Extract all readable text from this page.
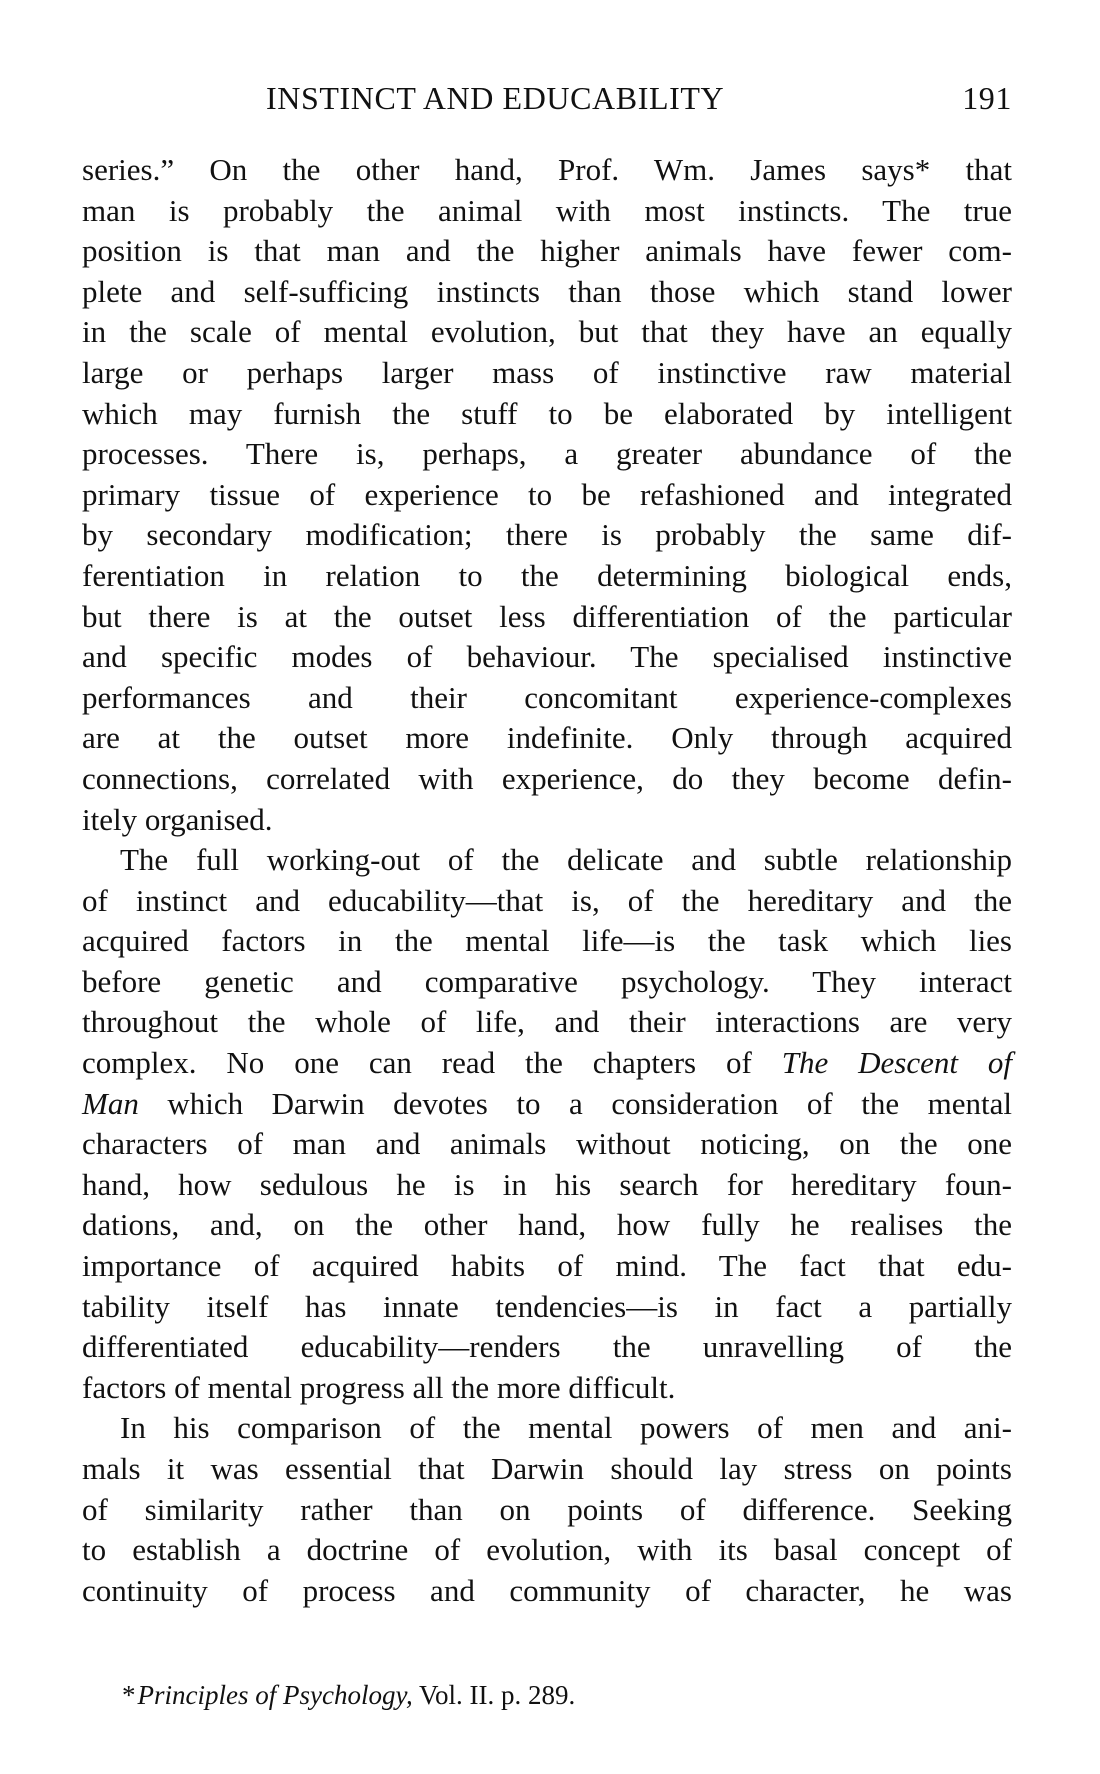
INSTINCT AND EDUCABILITY	191
series.” On the other hand, Prof. Wm. James says* that
man is probably the animal with most instincts. The true
position is that man and the higher animals have fewer com-
plete and self-sufficing instincts than those which stand lower
in the scale of mental evolution, but that they have an equally
large or perhaps larger mass of instinctive raw material
which may furnish the stuff to be elaborated by intelligent
processes. There is, perhaps, a greater abundance of the
primary tissue of experience to be refashioned and integrated
by secondary modification; there is probably the same dif-
ferentiation in relation to the determining biological ends,
but there is at the outset less differentiation of the particular
and specific modes of behaviour. The specialised instinctive
performances and their concomitant experience-complexes
are at the outset more indefinite. Only through acquired
connections, correlated with experience, do they become defin-
itely organised.
The full working-out of the delicate and subtle relationship
of instinct and educability—that is, of the hereditary and the
acquired factors in the mental life—is the task which lies
before genetic and comparative psychology. They interact
throughout the whole of life, and their interactions are very
complex. No one can read the chapters of The Descent of
Man which Darwin devotes to a consideration of the mental
characters of man and animals without noticing, on the one
hand, how sedulous he is in his search for hereditary foun-
dations, and, on the other hand, how fully he realises the
importance of acquired habits of mind. The fact that edu-
tability itself has innate tendencies—is in fact a partially
differentiated educability—renders the unravelling of the
factors of mental progress all the more difficult.
In his comparison of the mental powers of men and ani-
mals it was essential that Darwin should lay stress on points
of similarity rather than on points of difference. Seeking
to establish a doctrine of evolution, with its basal concept of
continuity of process and community of character, he was
*Principles of Psychology, Vol. II. p. 289.
